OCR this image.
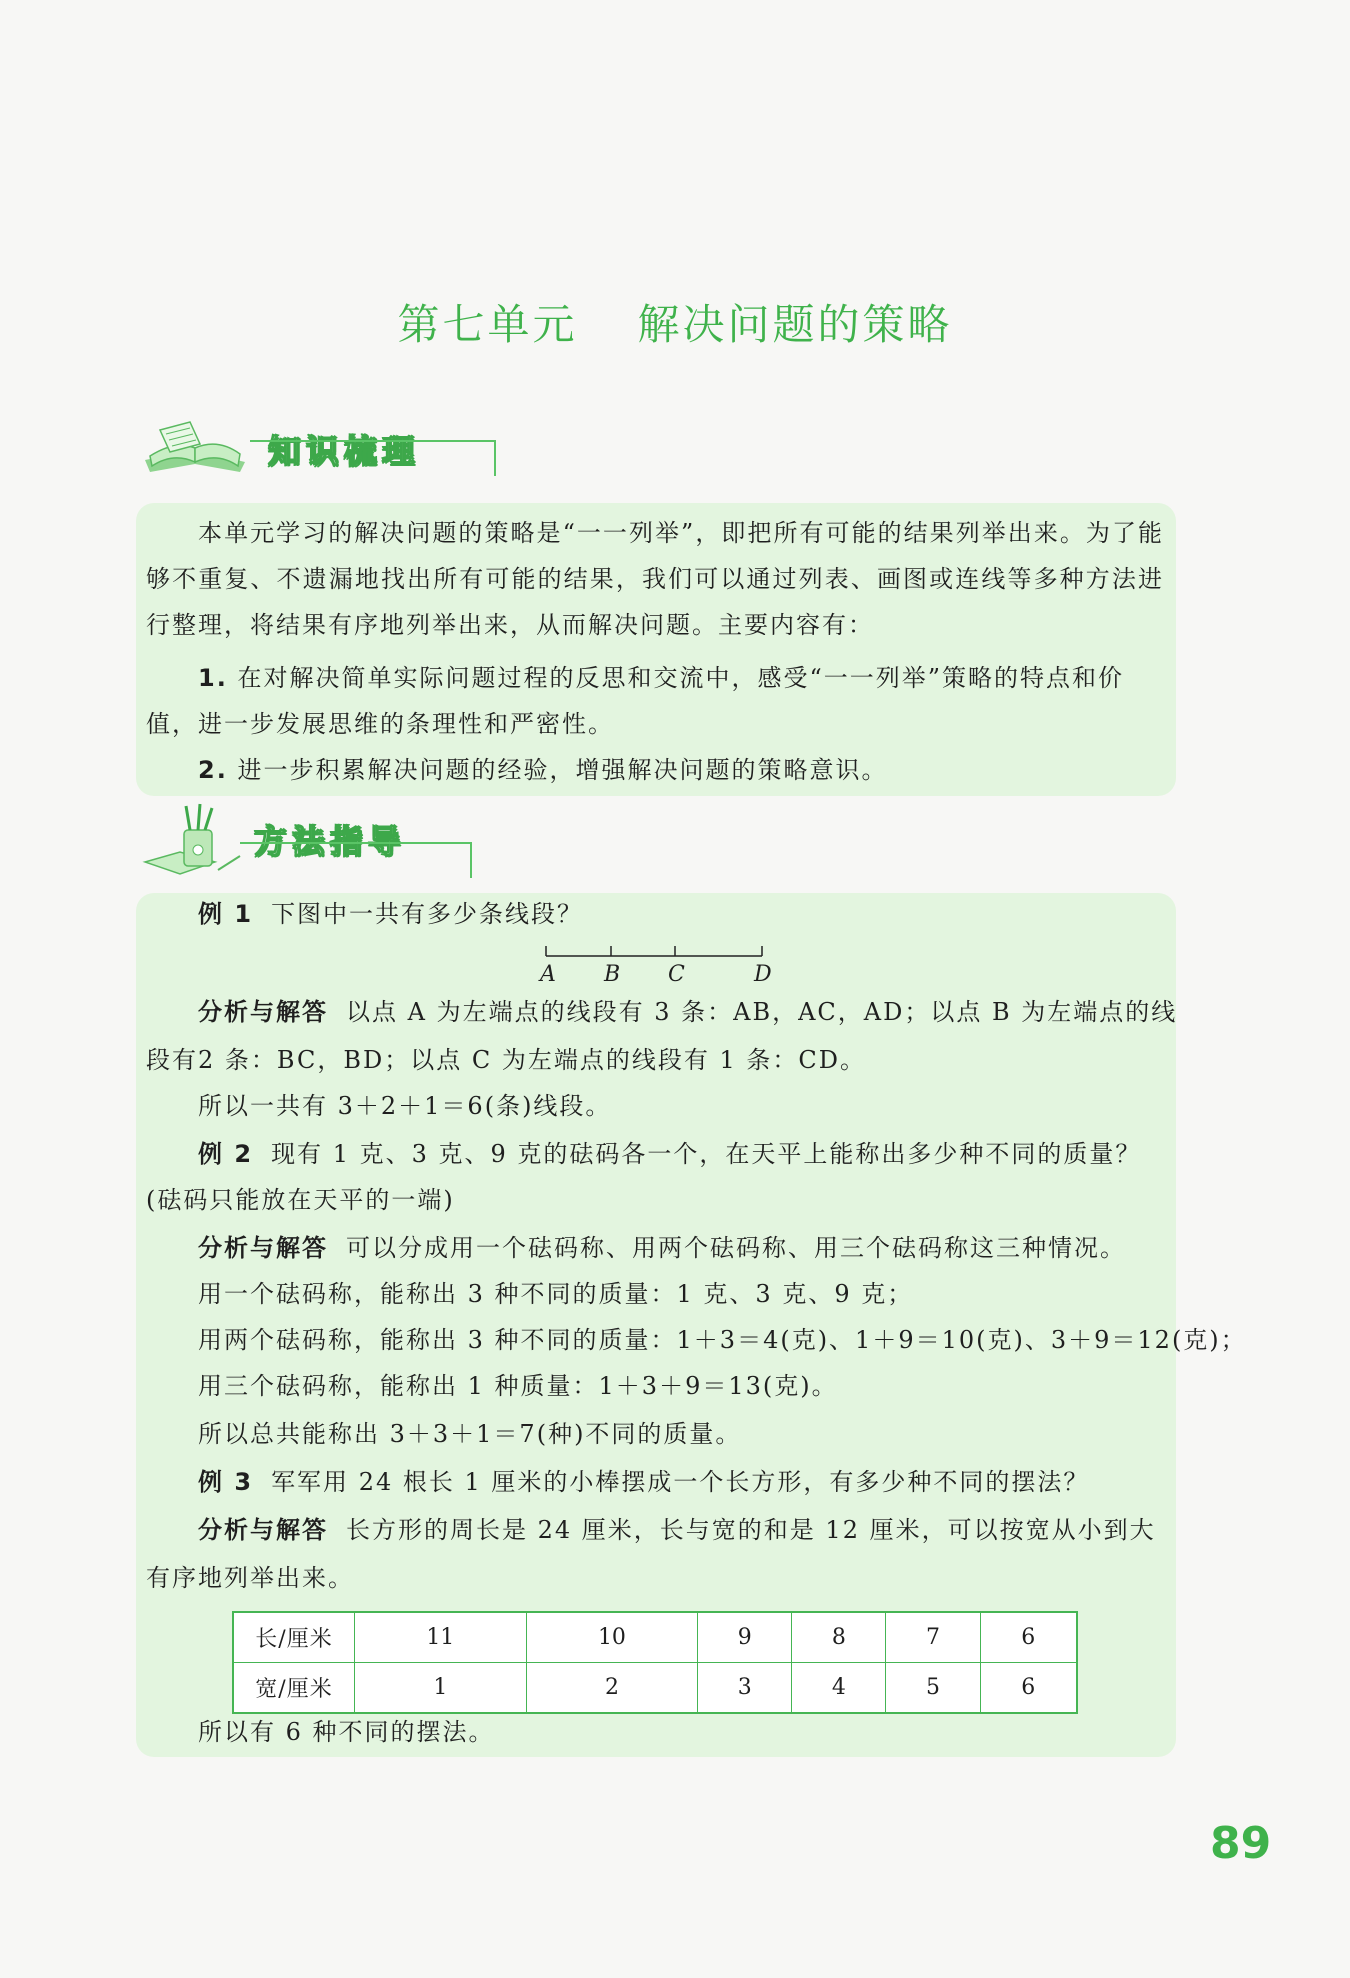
第七单元 解决问题的策略
知识梳理
本单元学习的解决问题的策略是“一一列举”，即把所有可能的结果列举出来。为了能够不重复、不遗漏地找出所有可能的结果，我们可以通过列表、画图或连线等多种方法进行整理，将结果有序地列举出来，从而解决问题。主要内容有：
1. 在对解决简单实际问题过程的反思和交流中，感受“一一列举”策略的特点和价
值，进一步发展思维的条理性和严密性。
2. 进一步积累解决问题的经验，增强解决问题的策略意识。
方法指导
例 1 下图中一共有多少条线段？
A B C	D
分析与解答 以点 A 为左端点的线段有 3 条：AB，AC，AD；以点 B 为左端点的线
段有2 条：BC，BD；以点 C 为左端点的线段有 1 条：CD。
所以一共有 3＋2＋1＝6(条)线段。
例 2 现有 1 克、3 克、9 克的砝码各一个，在天平上能称出多少种不同的质量？
(砝码只能放在天平的一端)
分析与解答 可以分成用一个砝码称、用两个砝码称、用三个砝码称这三种情况。
用一个砝码称，能称出 3 种不同的质量：1 克、3 克、9 克；
用两个砝码称，能称出 3 种不同的质量：1＋3＝4(克)、1＋9＝10(克)、3＋9＝12(克)；
用三个砝码称，能称出 1 种质量：1＋3＋9＝13(克)。
所以总共能称出 3＋3＋1＝7(种)不同的质量。
例 3 军军用 24 根长 1 厘米的小棒摆成一个长方形，有多少种不同的摆法？
分析与解答 长方形的周长是 24 厘米，长与宽的和是 12 厘米，可以按宽从小到大
有序地列举出来。
长/厘米	11	10	9	8	7	6
宽/厘米	1	2	3	4	5	6
所以有 6 种不同的摆法。
89
